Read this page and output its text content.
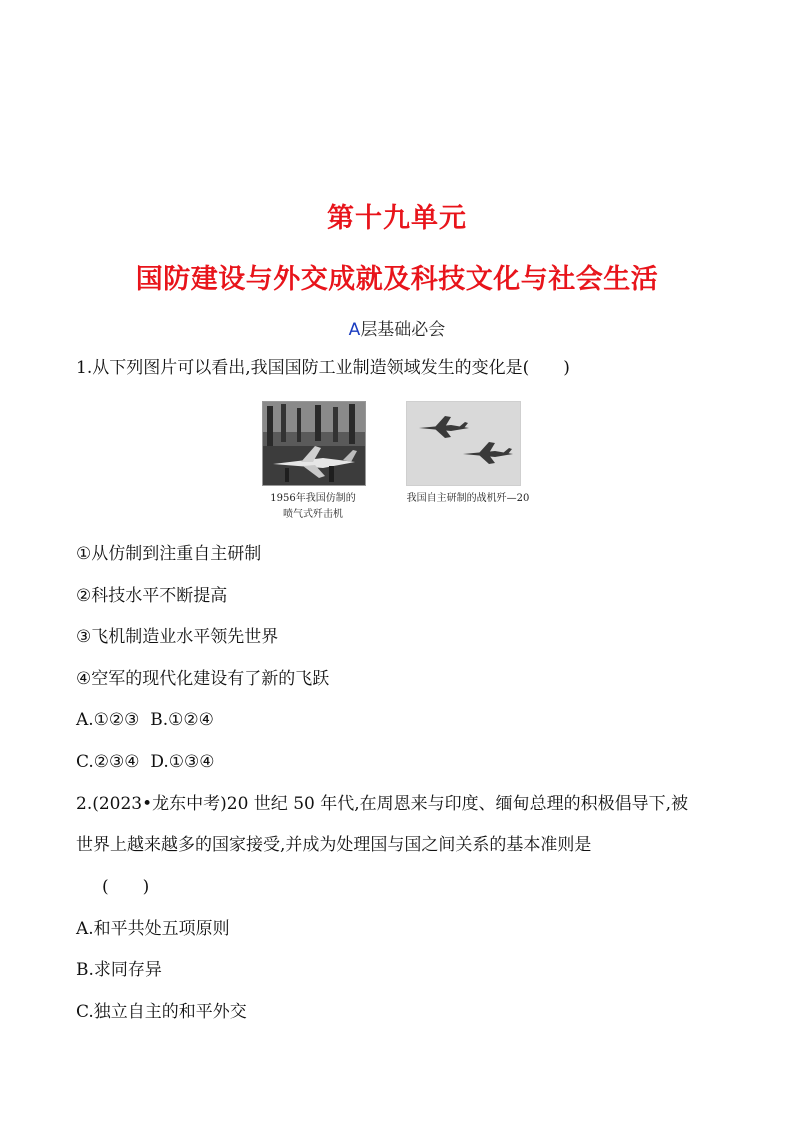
第十九单元
国防建设与外交成就及科技文化与社会生活
A层基础必会
1.从下列图片可以看出,我国国防工业制造领域发生的变化是(　　)
1956年我国仿制的
喷气式歼击机
我国自主研制的战机歼—20
①从仿制到注重自主研制
②科技水平不断提高
③飞机制造业水平领先世界
④空军的现代化建设有了新的飞跃
A.①②③  B.①②④
C.②③④  D.①③④
2.(2023•龙东中考)20 世纪 50 年代,在周恩来与印度、缅甸总理的积极倡导下,被
世界上越来越多的国家接受,并成为处理国与国之间关系的基本准则是
(　　)
A.和平共处五项原则
B.求同存异
C.独立自主的和平外交
